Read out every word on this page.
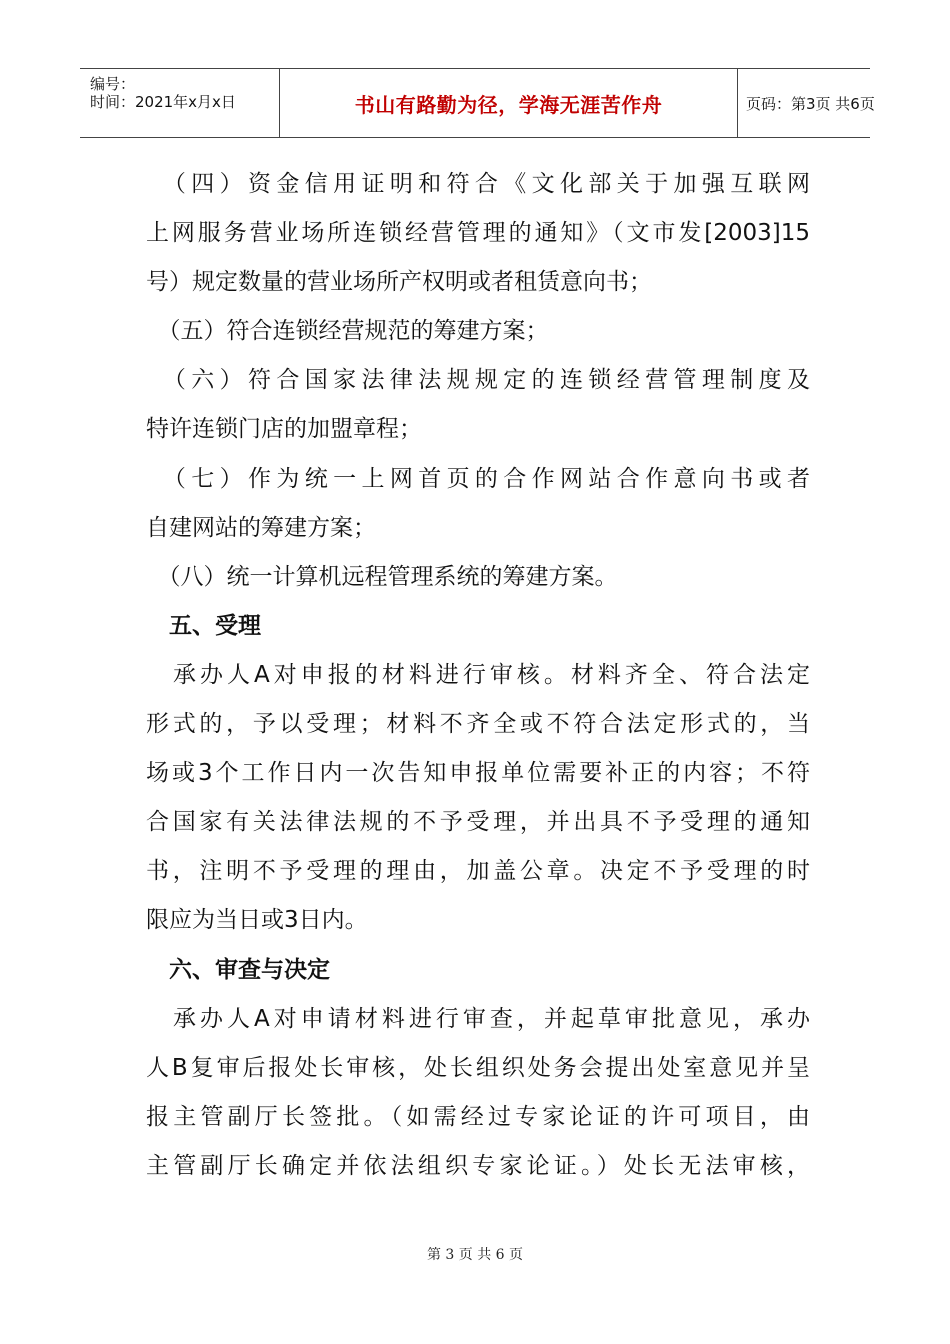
编号：
时间：2021年x月x日	书山有路勤为径，学海无涯苦作舟	页码：第3页 共6页
　（四）资金信用证明和符合《文化部关于加强互联网
上网服务营业场所连锁经营管理的通知》（文市发[2003]15
号）规定数量的营业场所产权明或者租赁意向书；
　（五）符合连锁经营规范的筹建方案；
　（六）符合国家法律法规规定的连锁经营管理制度及
特许连锁门店的加盟章程；
　（七）作为统一上网首页的合作网站合作意向书或者
自建网站的筹建方案；
　（八）统一计算机远程管理系统的筹建方案。
　五、受理
　承办人A对申报的材料进行审核。材料齐全、符合法定
形式的，予以受理；材料不齐全或不符合法定形式的，当
场或3个工作日内一次告知申报单位需要补正的内容；不符
合国家有关法律法规的不予受理，并出具不予受理的通知
书，注明不予受理的理由，加盖公章。决定不予受理的时
限应为当日或3日内。
　六、审查与决定
　承办人A对申请材料进行审查，并起草审批意见，承办
人B复审后报处长审核，处长组织处务会提出处室意见并呈
报主管副厅长签批。（如需经过专家论证的许可项目，由
主管副厅长确定并依法组织专家论证。）处长无法审核，
第 3 页 共 6 页
